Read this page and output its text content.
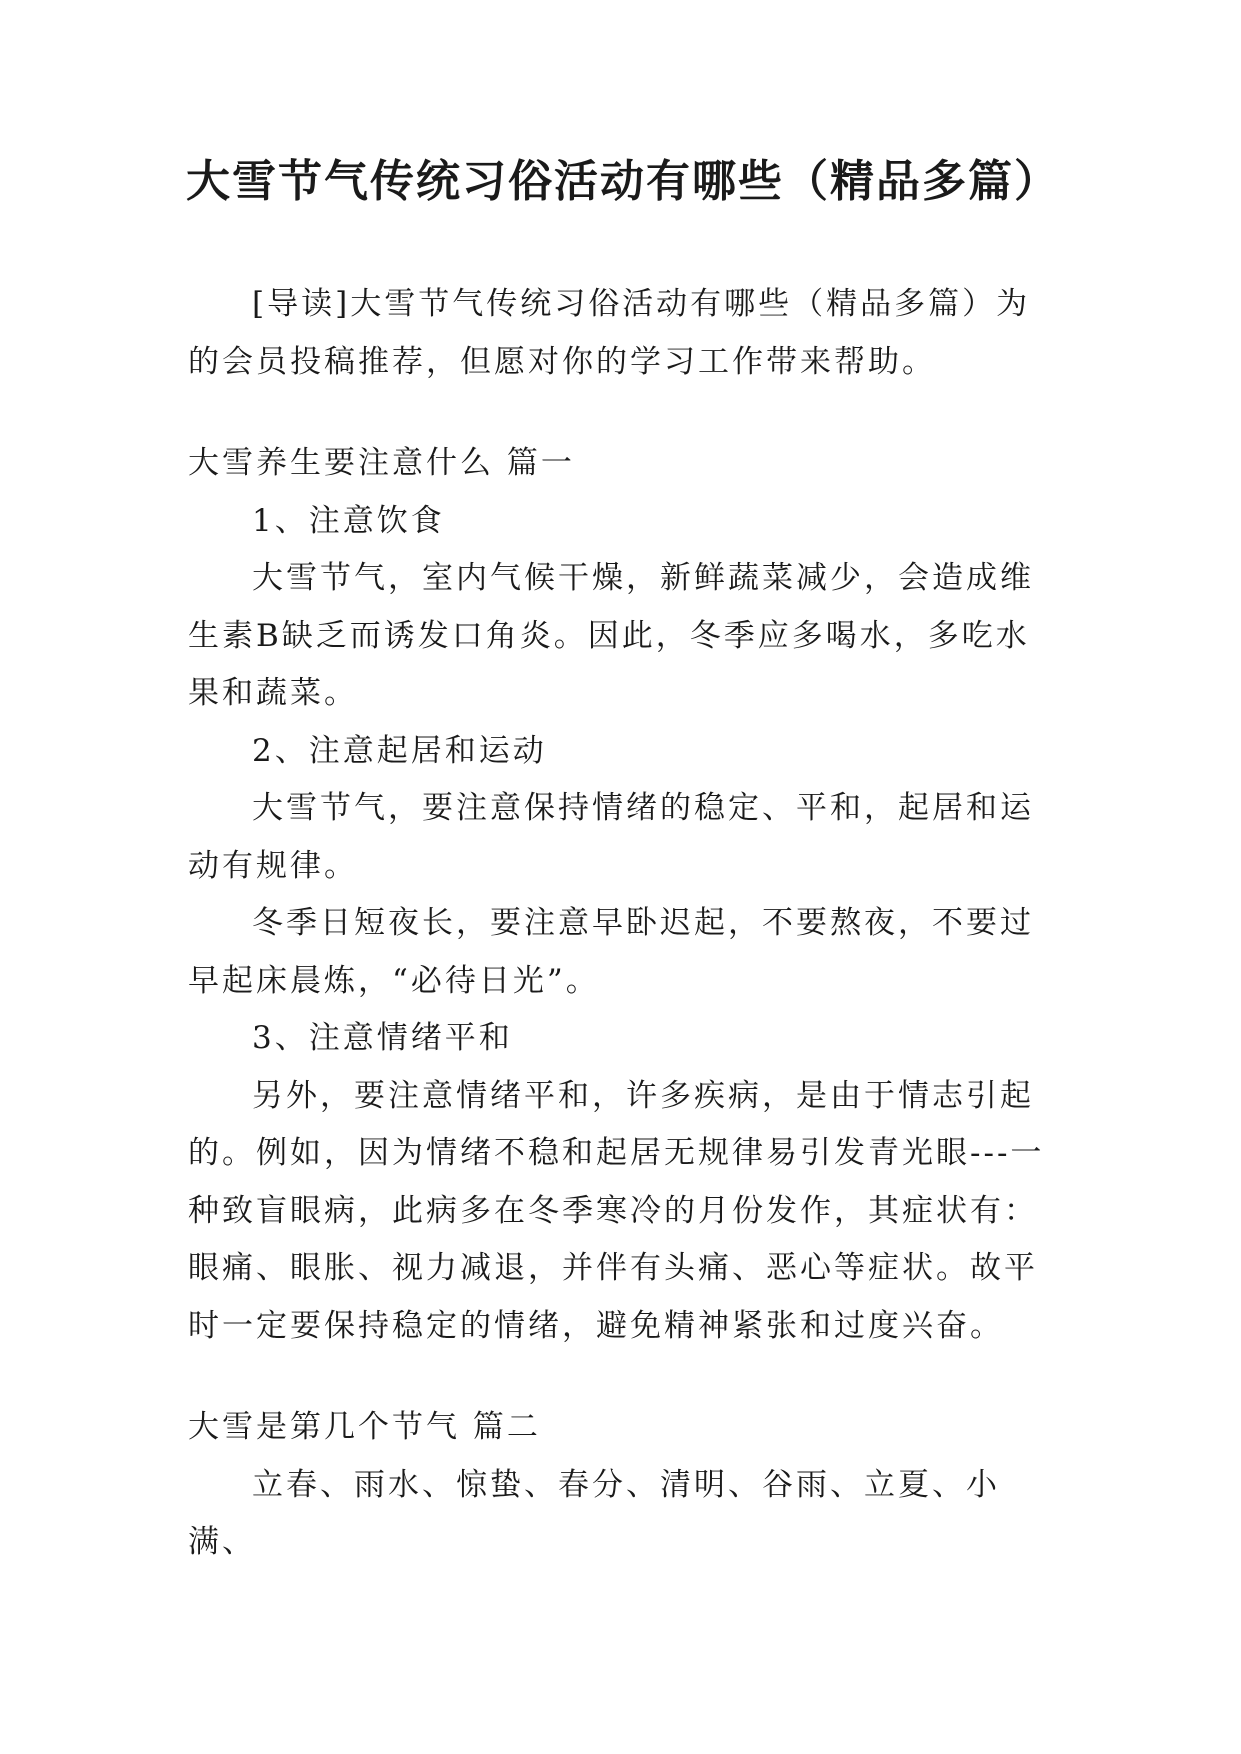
大雪节气传统习俗活动有哪些（精品多篇）

[导读]大雪节气传统习俗活动有哪些（精品多篇）为的会员投稿推荐，但愿对你的学习工作带来帮助。

大雪养生要注意什么 篇一

1、注意饮食

大雪节气，室内气候干燥，新鲜蔬菜减少，会造成维生素B缺乏而诱发口角炎。因此，冬季应多喝水，多吃水果和蔬菜。

2、注意起居和运动

大雪节气，要注意保持情绪的稳定、平和，起居和运动有规律。

冬季日短夜长，要注意早卧迟起，不要熬夜，不要过早起床晨炼，“必待日光”。

3、注意情绪平和

另外，要注意情绪平和，许多疾病，是由于情志引起的。例如，因为情绪不稳和起居无规律易引发青光眼---一种致盲眼病，此病多在冬季寒冷的月份发作，其症状有：眼痛、眼胀、视力减退，并伴有头痛、恶心等症状。故平时一定要保持稳定的情绪，避免精神紧张和过度兴奋。

大雪是第几个节气 篇二

立春、雨水、惊蛰、春分、清明、谷雨、立夏、小满、
